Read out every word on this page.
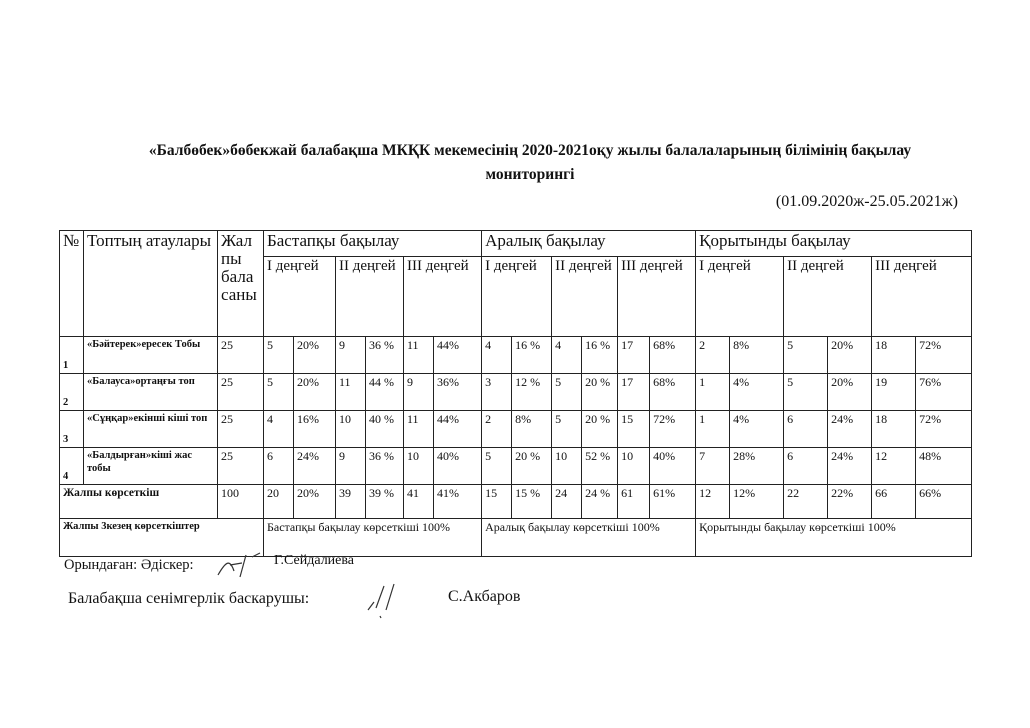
«Балбөбек»бөбекжай балабақша МКҚК мекемесінің 2020-2021оқу жылы балалаларының білімінің бақылау
мониторингі
(01.09.2020ж-25.05.2021ж)
№	Топтың атаулары	Жалпы бала саны	Бастапқы бақылау						Аралық бақылау						Қорытынды бақылау					
			I деңгей		II деңгей		III деңгей		I деңгей		II деңгей		III деңгей		I деңгей		II деңгей		III деңгей	
1	«Бәйтерек»ересек Тобы	25	5	20%	9	36 %	11	44%	4	16 %	4	16 %	17	68%	2	8%	5	20%	18	72%
2	«Балауса»ортаңғы топ	25	5	20%	11	44 %	9	36%	3	12 %	5	20 %	17	68%	1	4%	5	20%	19	76%
3	«Сұңқар»екінші кіші топ	25	4	16%	10	40 %	11	44%	2	8%	5	20 %	15	72%	1	4%	6	24%	18	72%
4	«Балдырған»кіші жас тобы	25	6	24%	9	36 %	10	40%	5	20 %	10	52 %	10	40%	7	28%	6	24%	12	48%
Жалпы көрсеткіш		100	20	20%	39	39 %	41	41%	15	15 %	24	24 %	61	61%	12	12%	22	22%	66	66%
Жалпы 3кезең көрсеткіштер			Бастапқы бақылау көрсеткіші 100%						Аралық бақылау көрсеткіші 100%						Қорытынды бақылау көрсеткіші 100%					
Орындаған: Әдіскер:	Г.Сейдалиева
Балабақша сенімгерлік баскарушы:	С.Акбаров
